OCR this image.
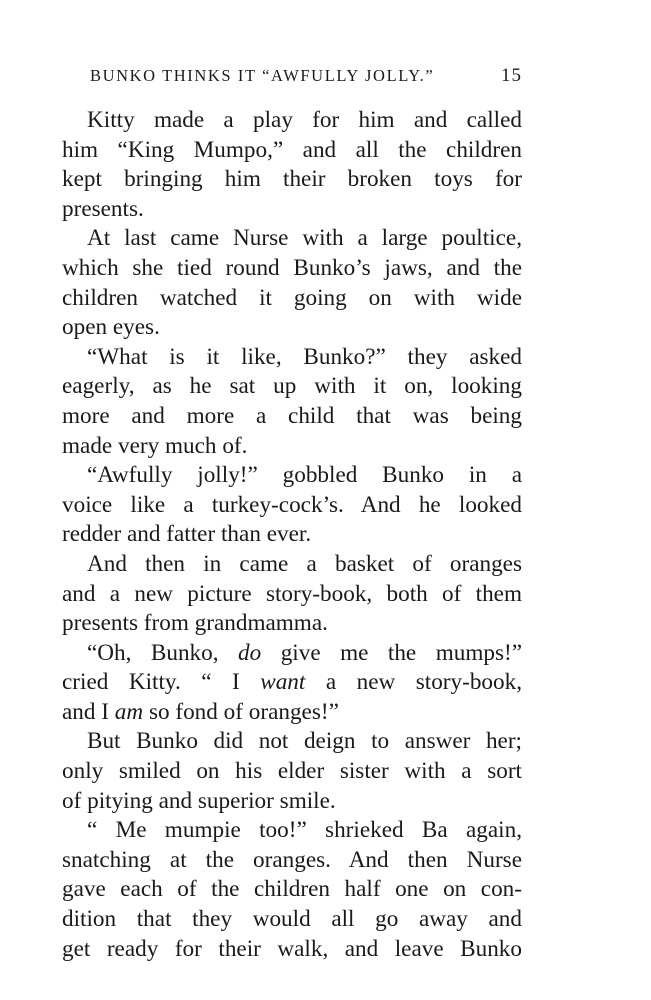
BUNKO THINKS IT “AWFULLY JOLLY.”	15
Kitty made a play for him and called
him “King Mumpo,” and all the children
kept bringing him their broken toys for
presents.
At last came Nurse with a large poultice,
which she tied round Bunko’s jaws, and the
children watched it going on with wide
open eyes.
“What is it like, Bunko?” they asked
eagerly, as he sat up with it on, looking
more and more a child that was being
made very much of.
“Awfully jolly!” gobbled Bunko in a
voice like a turkey-cock’s. And he looked
redder and fatter than ever.
And then in came a basket of oranges
and a new picture story-book, both of them
presents from grandmamma.
“Oh, Bunko, do give me the mumps!”
cried Kitty. “ I want a new story-book,
and I am so fond of oranges!”
But Bunko did not deign to answer her;
only smiled on his elder sister with a sort
of pitying and superior smile.
“ Me mumpie too!” shrieked Ba again,
snatching at the oranges. And then Nurse
gave each of the children half one on con-
dition that they would all go away and
get ready for their walk, and leave Bunko
